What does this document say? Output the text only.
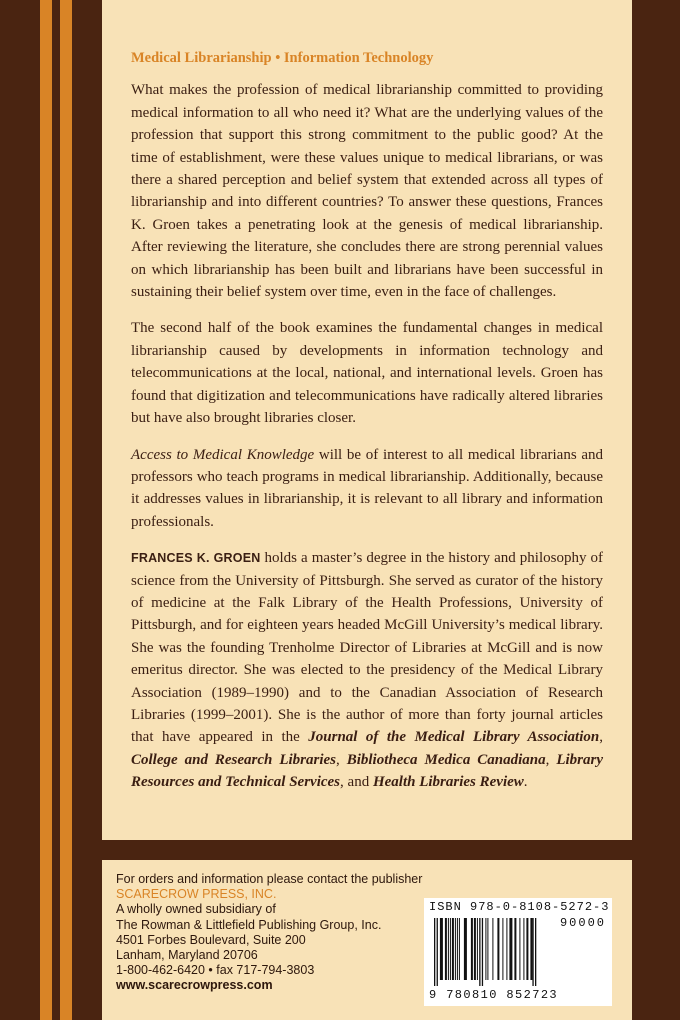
Medical Librarianship • Information Technology

What makes the profession of medical librarianship committed to providing medical information to all who need it? What are the underlying values of the profession that support this strong commitment to the public good? At the time of establishment, were these values unique to medical librarians, or was there a shared perception and belief system that extended across all types of librarianship and into different countries? To answer these questions, Frances K. Groen takes a penetrating look at the genesis of medical librarianship. After reviewing the literature, she concludes there are strong perennial values on which librarianship has been built and librarians have been successful in sustaining their belief system over time, even in the face of challenges.

The second half of the book examines the fundamental changes in medical librarianship caused by developments in information technology and telecommunications at the local, national, and international levels. Groen has found that digitization and telecommunications have radically altered libraries but have also brought libraries closer.

Access to Medical Knowledge will be of interest to all medical librarians and professors who teach programs in medical librarianship. Additionally, because it addresses values in librarianship, it is relevant to all library and information professionals.

FRANCES K. GROEN holds a master’s degree in the history and philosophy of science from the University of Pittsburgh. She served as curator of the history of medicine at the Falk Library of the Health Professions, University of Pittsburgh, and for eighteen years headed McGill University’s medical library. She was the founding Trenholme Director of Libraries at McGill and is now emeritus director. She was elected to the presidency of the Medical Library Association (1989–1990) and to the Canadian Association of Research Libraries (1999–2001). She is the author of more than forty journal articles that have appeared in the Journal of the Medical Library Association, College and Research Libraries, Bibliotheca Medica Canadiana, Library Resources and Technical Services, and Health Libraries Review.

For orders and information please contact the publisher
SCARECROW PRESS, INC.
A wholly owned subsidiary of
The Rowman & Littlefield Publishing Group, Inc.
4501 Forbes Boulevard, Suite 200
Lanham, Maryland 20706
1-800-462-6420 • fax 717-794-3803
www.scarecrowpress.com
ISBN 978-0-8108-5272-3
90000
9 780810 852723
